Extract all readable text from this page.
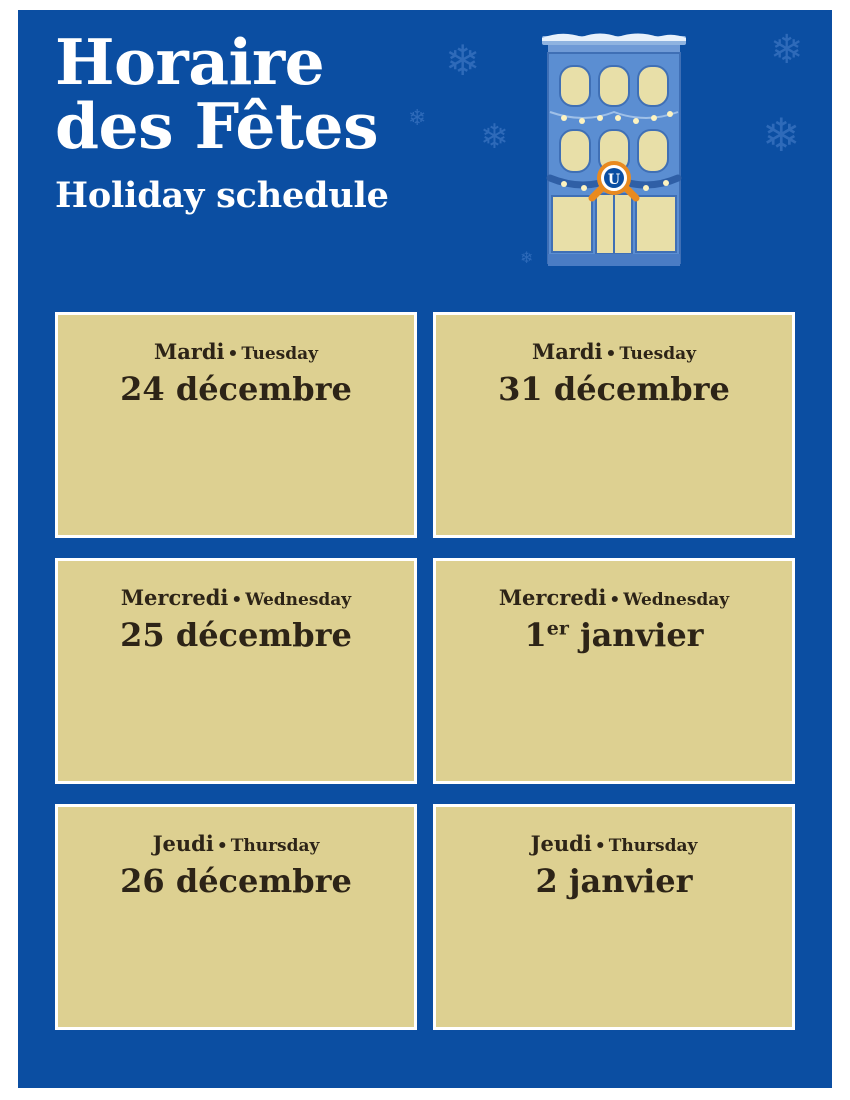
❄
❄ ❄
❄
❄
❄
Horaire
des Fêtes
Holiday schedule	U
Mardi • Tuesday
24 décembre
Mardi • Tuesday
31 décembre
Mercredi • Wednesday
25 décembre
Mercredi • Wednesday
1er janvier
Jeudi • Thursday
26 décembre
Jeudi • Thursday
2 janvier
